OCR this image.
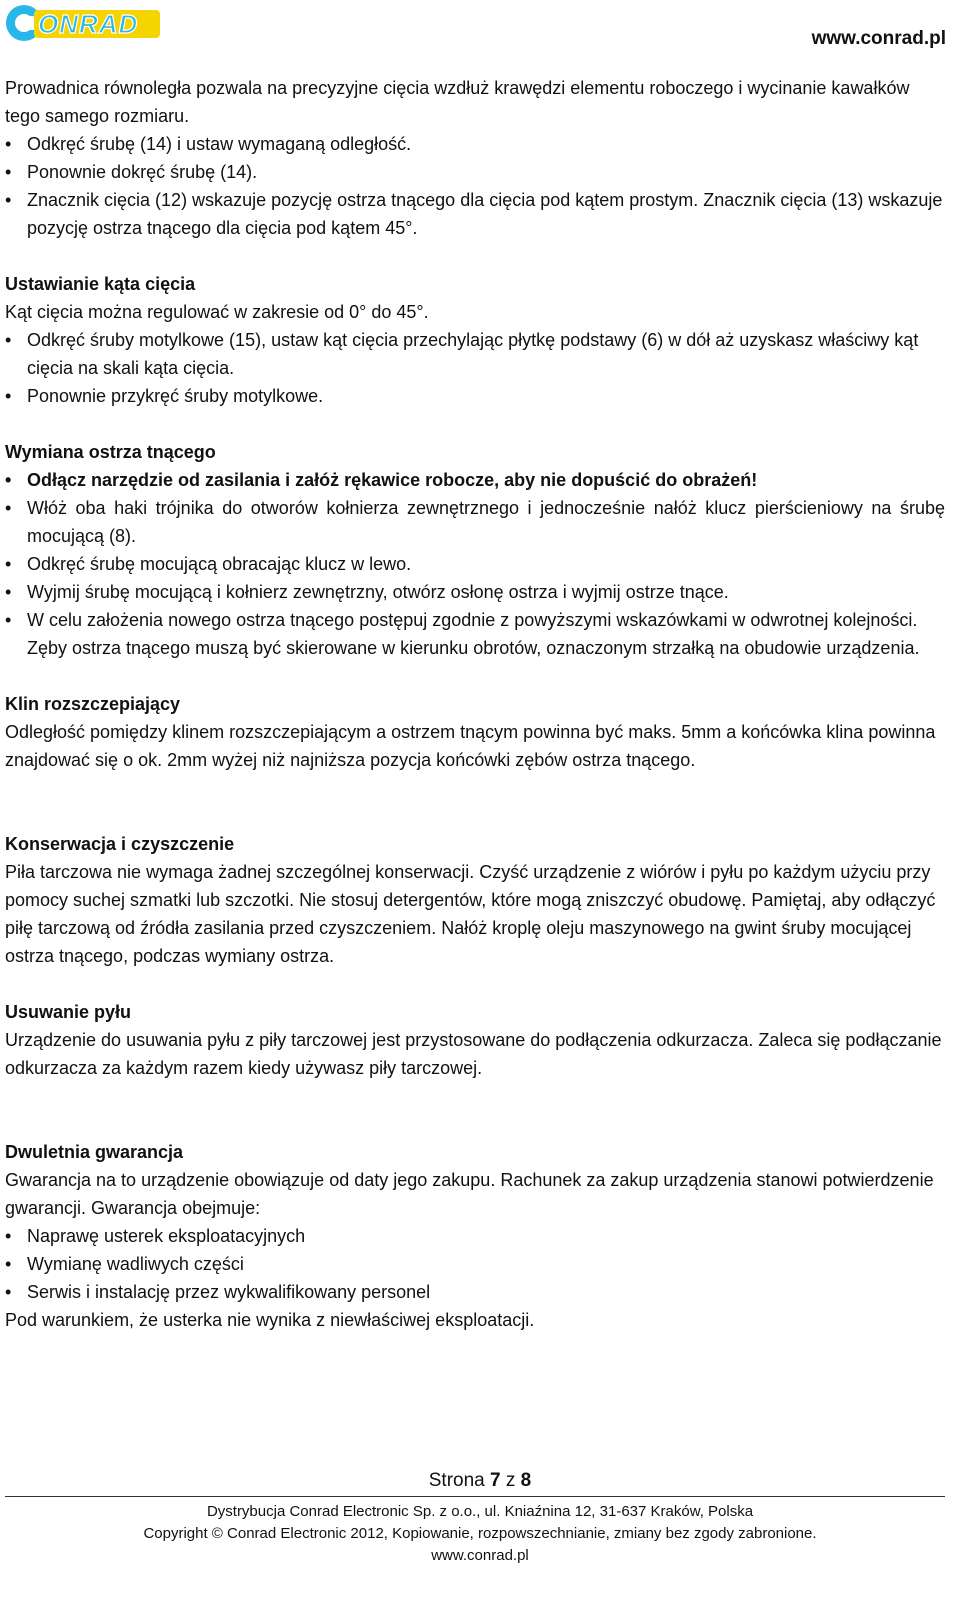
ONRAD	www.conrad.pl

Prowadnica równoległa pozwala na precyzyjne cięcia wzdłuż krawędzi elementu roboczego i wycinanie kawałków tego samego rozmiaru.

• Odkręć śrubę (14) i ustaw wymaganą odległość.
• Ponownie dokręć śrubę (14).
• Znacznik cięcia (12) wskazuje pozycję ostrza tnącego dla cięcia pod kątem prostym. Znacznik cięcia (13) wskazuje pozycję ostrza tnącego dla cięcia pod kątem 45°.

Ustawianie kąta cięcia

Kąt cięcia można regulować w zakresie od 0° do 45°.

• Odkręć śruby motylkowe (15), ustaw kąt cięcia przechylając płytkę podstawy (6) w dół aż uzyskasz właściwy kąt cięcia na skali kąta cięcia.
• Ponownie przykręć śruby motylkowe.

Wymiana ostrza tnącego

• Odłącz narzędzie od zasilania i załóż rękawice robocze, aby nie dopuścić do obrażeń!
• Włóż oba haki trójnika do otworów kołnierza zewnętrznego i jednocześnie nałóż klucz pierścieniowy na śrubę mocującą (8).
• Odkręć śrubę mocującą obracając klucz w lewo.
• Wyjmij śrubę mocującą i kołnierz zewnętrzny, otwórz osłonę ostrza i wyjmij ostrze tnące.
• W celu założenia nowego ostrza tnącego postępuj zgodnie z powyższymi wskazówkami w odwrotnej kolejności. Zęby ostrza tnącego muszą być skierowane w kierunku obrotów, oznaczonym strzałką na obudowie urządzenia.

Klin rozszczepiający

Odległość pomiędzy klinem rozszczepiającym a ostrzem tnącym powinna być maks. 5mm a końcówka klina powinna znajdować się o ok. 2mm wyżej niż najniższa pozycja końcówki zębów ostrza tnącego.

Konserwacja i czyszczenie

Piła tarczowa nie wymaga żadnej szczególnej konserwacji. Czyść urządzenie z wiórów i pyłu po każdym użyciu przy pomocy suchej szmatki lub szczotki. Nie stosuj detergentów, które mogą zniszczyć obudowę. Pamiętaj, aby odłączyć piłę tarczową od źródła zasilania przed czyszczeniem. Nałóż kroplę oleju maszynowego na gwint śruby mocującej ostrza tnącego, podczas wymiany ostrza.

Usuwanie pyłu

Urządzenie do usuwania pyłu z piły tarczowej jest przystosowane do podłączenia odkurzacza. Zaleca się podłączanie odkurzacza za każdym razem kiedy używasz piły tarczowej.

Dwuletnia gwarancja

Gwarancja na to urządzenie obowiązuje od daty jego zakupu. Rachunek za zakup urządzenia stanowi potwierdzenie gwarancji. Gwarancja obejmuje:

• Naprawę usterek eksploatacyjnych
• Wymianę wadliwych części
• Serwis i instalację przez wykwalifikowany personel

Pod warunkiem, że usterka nie wynika z niewłaściwej eksploatacji.

Strona 7 z 8
Dystrybucja Conrad Electronic Sp. z o.o., ul. Kniaźnina 12, 31-637 Kraków, Polska
Copyright © Conrad Electronic 2012, Kopiowanie, rozpowszechnianie, zmiany bez zgody zabronione.
www.conrad.pl
